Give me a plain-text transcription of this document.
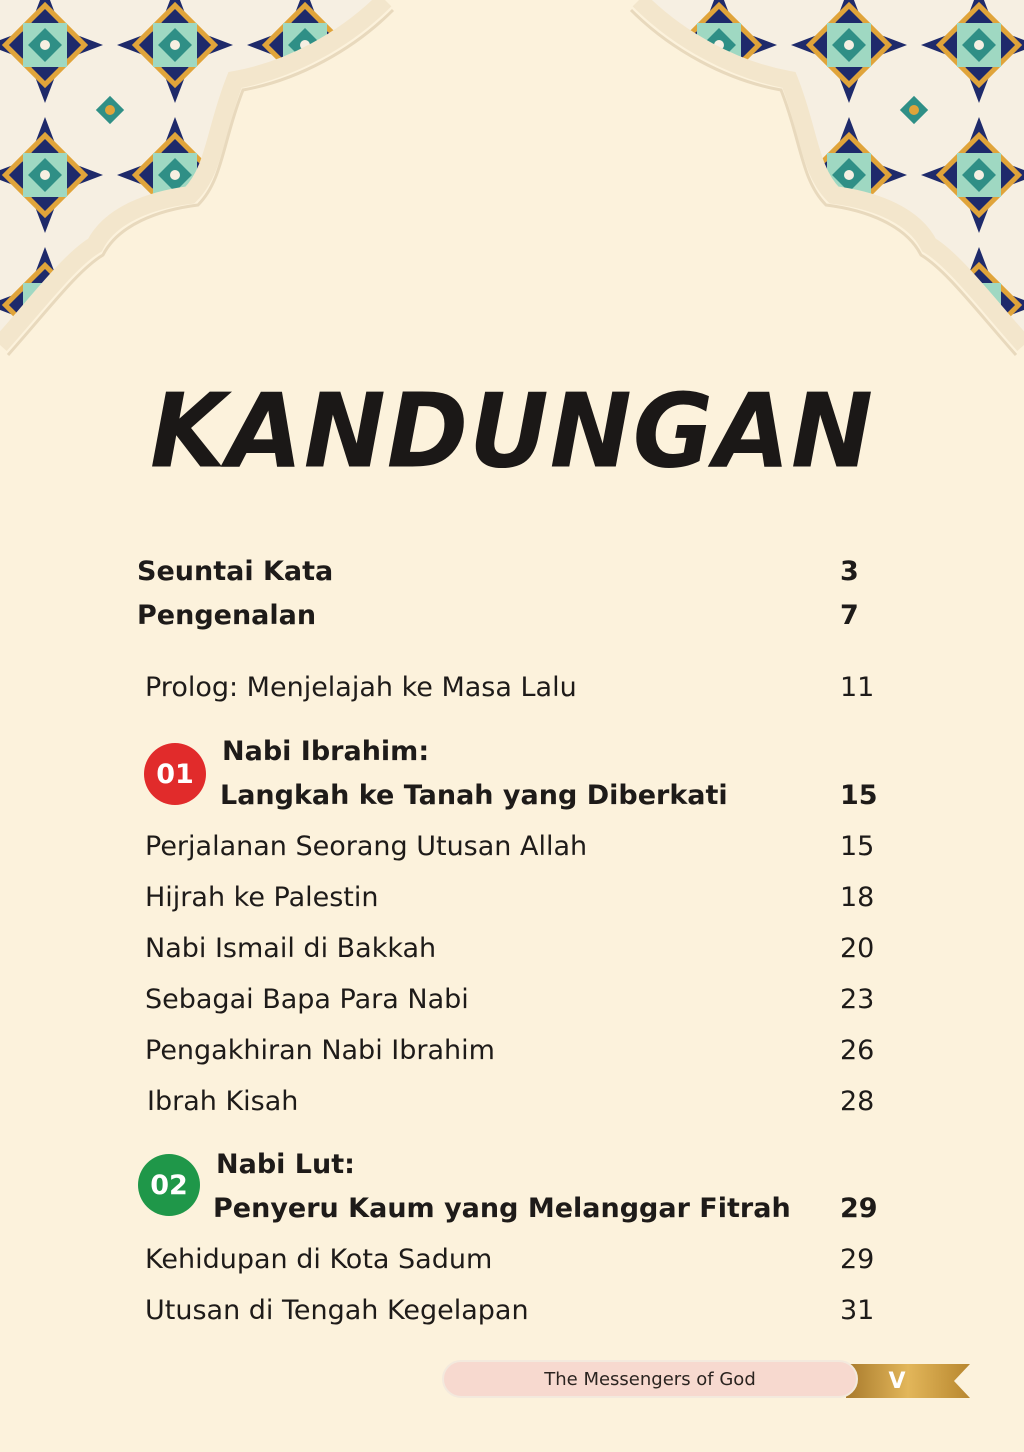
KANDUNGAN
Seuntai Kata	3
Pengenalan	7
Prolog: Menjelajah ke Masa Lalu	11
01
Nabi Ibrahim:
Langkah ke Tanah yang Diberkati	15
Perjalanan Seorang Utusan Allah	15
Hijrah ke Palestin	18
Nabi Ismail di Bakkah	20
Sebagai Bapa Para Nabi	23
Pengakhiran Nabi Ibrahim	26
Ibrah Kisah	28
02
Nabi Lut:
Penyeru Kaum yang Melanggar Fitrah 29
Kehidupan di Kota Sadum	29
Utusan di Tengah Kegelapan	31
The Messengers of God	V
